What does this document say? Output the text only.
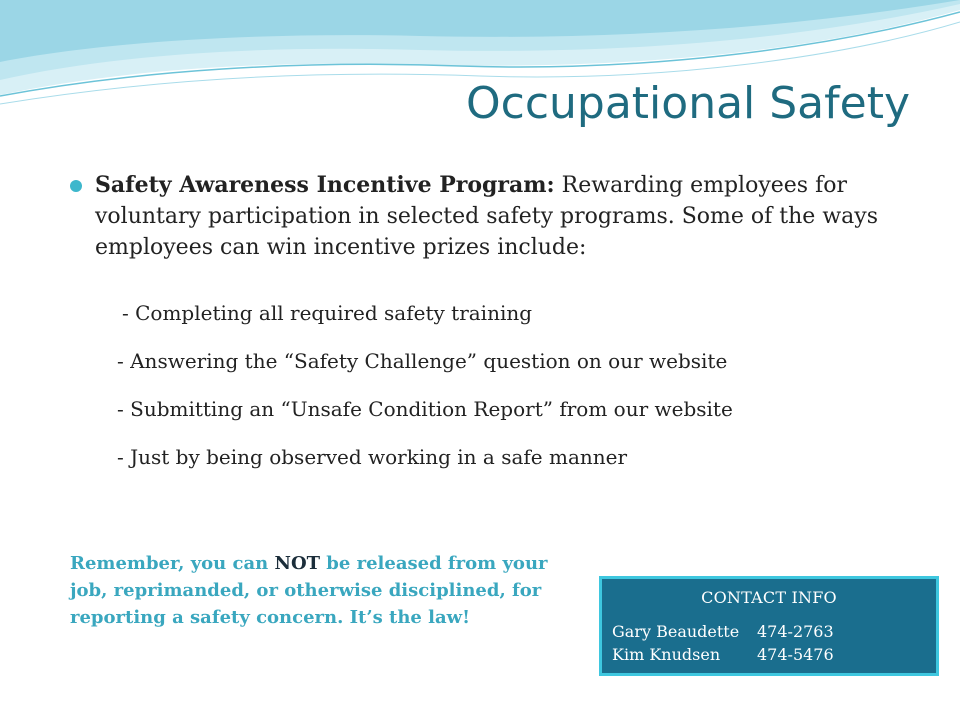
Occupational Safety
Safety Awareness Incentive Program: Rewarding employees for voluntary participation in selected safety programs. Some of the ways employees can win incentive prizes include:
- Completing all required safety training
- Answering the “Safety Challenge” question on our website
- Submitting an “Unsafe Condition Report” from our website
- Just by being observed working in a safe manner
Remember, you can NOT be released from your job, reprimanded, or otherwise disciplined, for reporting a safety concern. It’s the law!
CONTACT INFO
Gary Beaudette 474-2763
Kim Knudsen 474-5476
